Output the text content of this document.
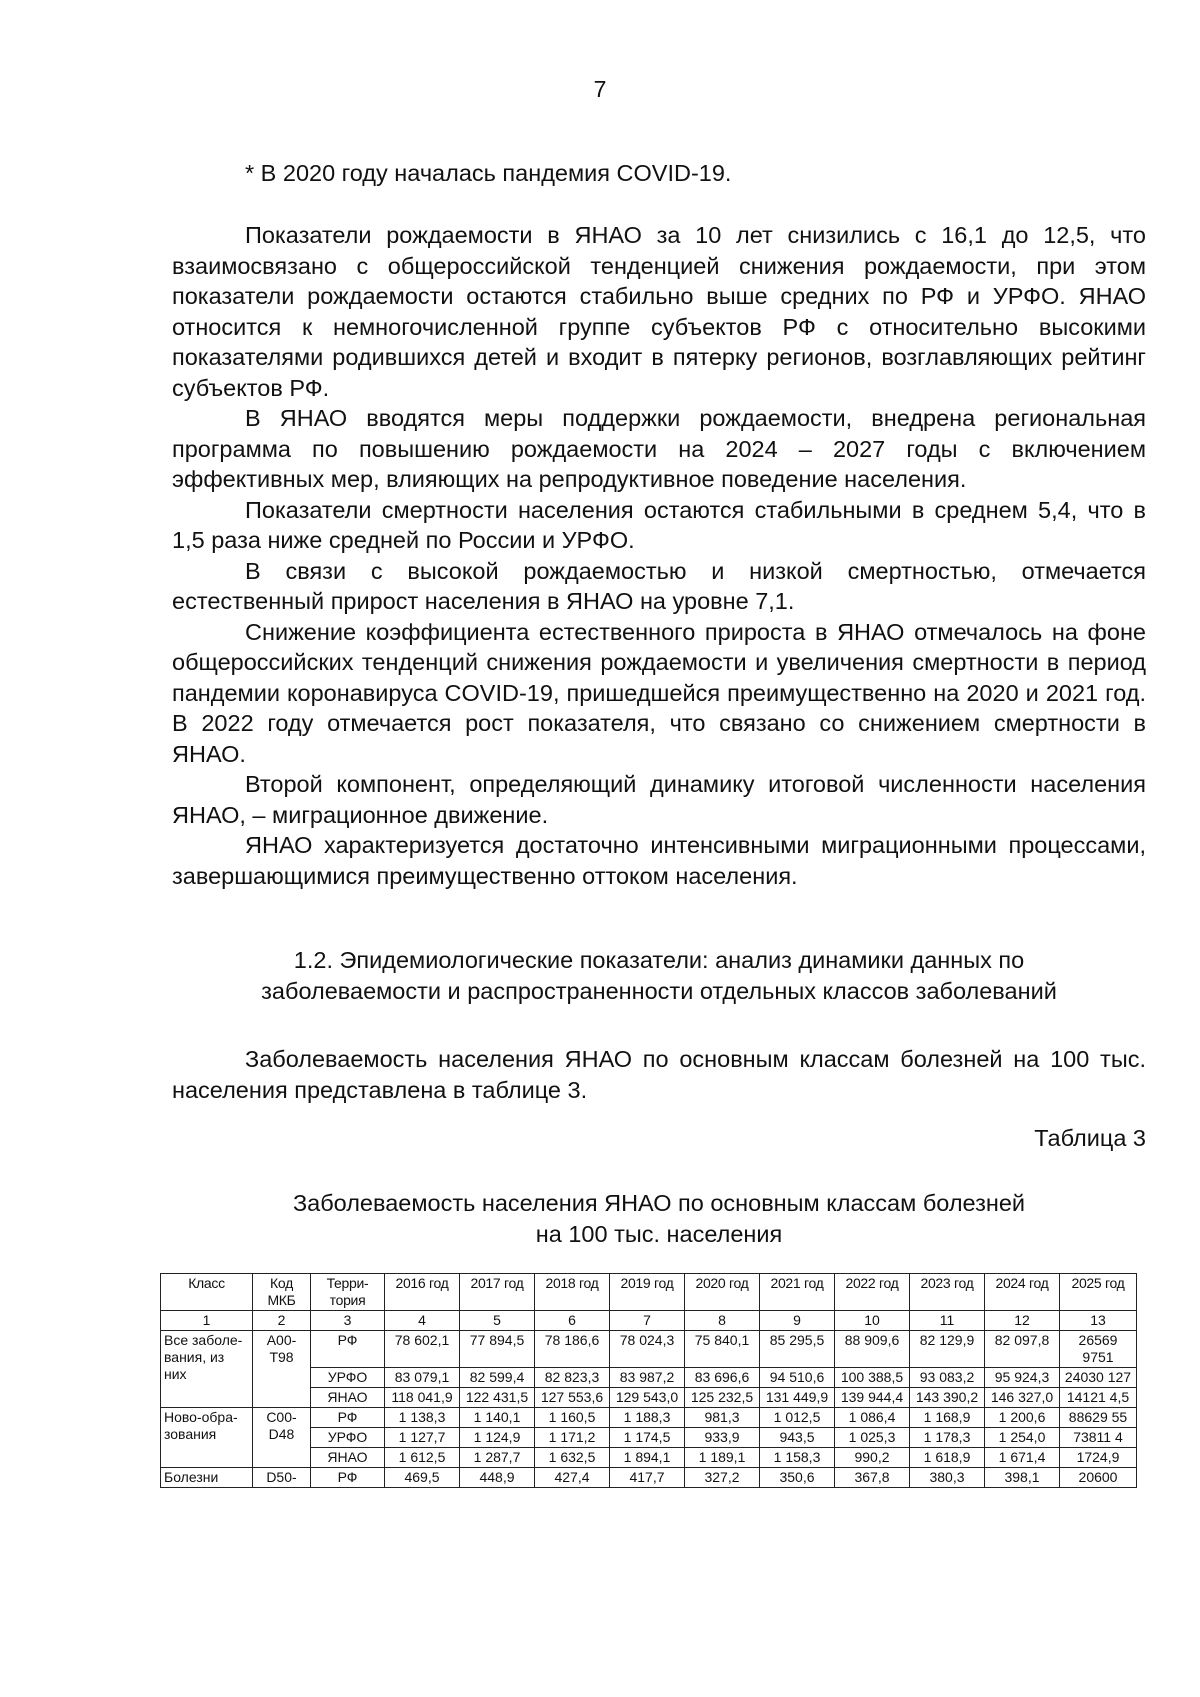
7
* В 2020 году началась пандемия COVID-19.

Показатели рождаемости в ЯНАО за 10 лет снизились с 16,1 до 12,5, что взаимосвязано с общероссийской тенденцией снижения рождаемости, при этом показатели рождаемости остаются стабильно выше средних по РФ и УРФО. ЯНАО относится к немногочисленной группе субъектов РФ с относительно высокими показателями родившихся детей и входит в пятерку регионов, возглавляющих рейтинг субъектов РФ.

В ЯНАО вводятся меры поддержки рождаемости, внедрена региональная программа по повышению рождаемости на 2024 – 2027 годы с включением эффективных мер, влияющих на репродуктивное поведение населения.

Показатели смертности населения остаются стабильными в среднем 5,4, что в 1,5 раза ниже средней по России и УРФО.

В связи с высокой рождаемостью и низкой смертностью, отмечается естественный прирост населения в ЯНАО на уровне 7,1.

Снижение коэффициента естественного прироста в ЯНАО отмечалось на фоне общероссийских тенденций снижения рождаемости и увеличения смертности в период пандемии коронавируса COVID-19, пришедшейся преимущественно на 2020 и 2021 год. В 2022 году отмечается рост показателя, что связано со снижением смертности в ЯНАО.

Второй компонент, определяющий динамику итоговой численности населения ЯНАО, – миграционное движение.

ЯНАО характеризуется достаточно интенсивными миграционными процессами, завершающимися преимущественно оттоком населения.

1.2. Эпидемиологические показатели: анализ динамики данных по
заболеваемости и распространенности отдельных классов заболеваний

Заболеваемость населения ЯНАО по основным классам болезней на 100 тыс. населения представлена в таблице 3.

Таблица 3
Заболеваемость населения ЯНАО по основным классам болезней
на 100 тыс. населения
Класс	Код МКБ	Терри-тория	2016 год	2017 год	2018 год	2019 год	2020 год	2021 год	2022 год	2023 год	2024 год	2025 год
1	2	3	4	5	6	7	8	9	10	11	12	13
Все заболе-вания, из них	А00-Т98	РФ	78 602,1	77 894,5	78 186,6	78 024,3	75 840,1	85 295,5	88 909,6	82 129,9	82 097,8	26569 9751
		УРФО	83 079,1	82 599,4	82 823,3	83 987,2	83 696,6	94 510,6	100 388,5	93 083,2	95 924,3	24030 127
		ЯНАО	118 041,9	122 431,5	127 553,6	129 543,0	125 232,5	131 449,9	139 944,4	143 390,2	146 327,0	14121 4,5
Ново-обра-зования	С00-D48	РФ	1 138,3	1 140,1	1 160,5	1 188,3	981,3	1 012,5	1 086,4	1 168,9	1 200,6	88629 55
		УРФО	1 127,7	1 124,9	1 171,2	1 174,5	933,9	943,5	1 025,3	1 178,3	1 254,0	73811 4
		ЯНАО	1 612,5	1 287,7	1 632,5	1 894,1	1 189,1	1 158,3	990,2	1 618,9	1 671,4	1724,9
Болезни	D50-	РФ	469,5	448,9	427,4	417,7	327,2	350,6	367,8	380,3	398,1	20600
